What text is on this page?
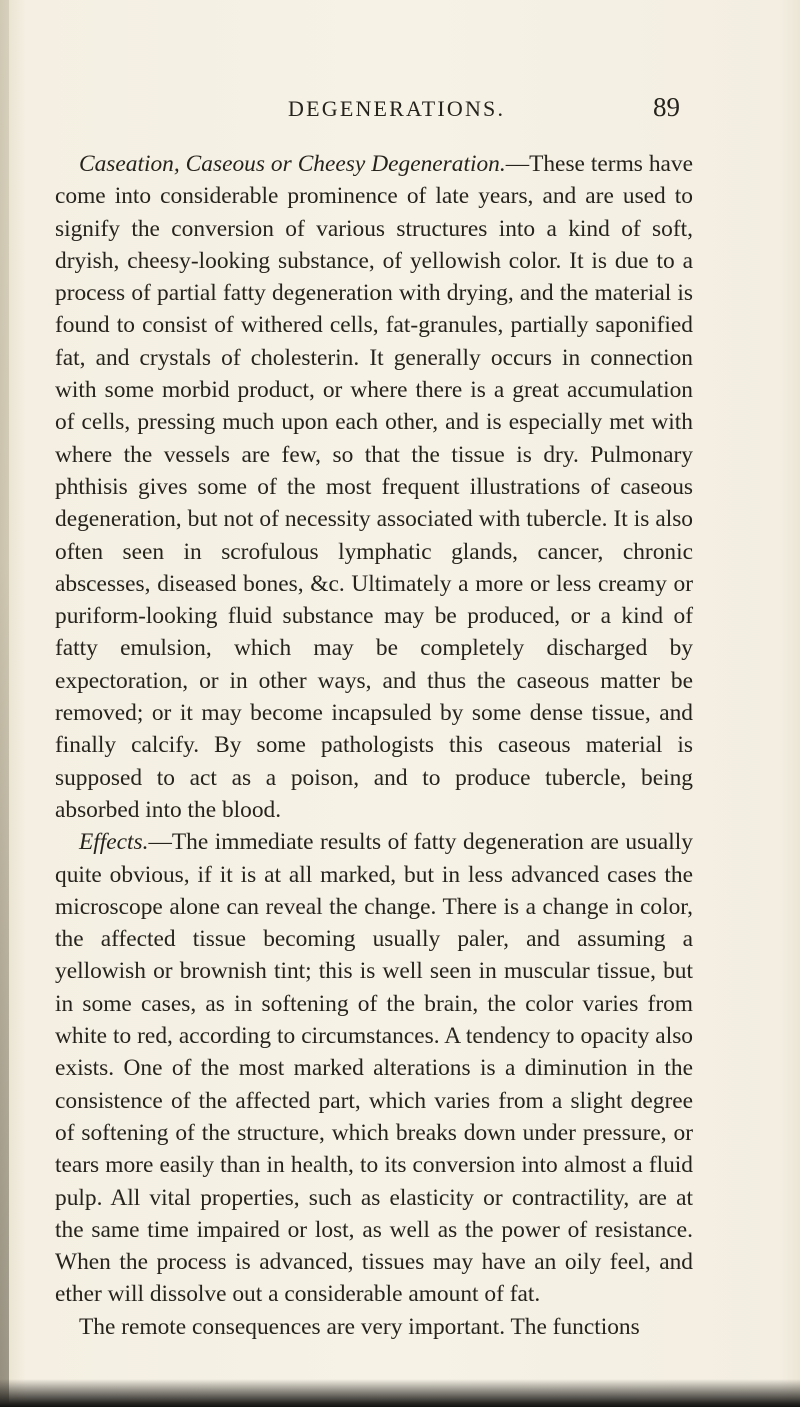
DEGENERATIONS.	89

Caseation, Caseous or Cheesy Degeneration.—These terms have come into considerable prominence of late years, and are used to signify the conversion of various structures into a kind of soft, dryish, cheesy-looking substance, of yellowish color. It is due to a process of partial fatty degeneration with drying, and the material is found to consist of withered cells, fat-granules, partially saponified fat, and crystals of cholesterin. It generally occurs in connection with some morbid product, or where there is a great accumulation of cells, pressing much upon each other, and is especially met with where the vessels are few, so that the tissue is dry. Pulmonary phthisis gives some of the most frequent illustrations of caseous degeneration, but not of necessity associated with tubercle. It is also often seen in scrofulous lymphatic glands, cancer, chronic abscesses, diseased bones, &c. Ultimately a more or less creamy or puriform-looking fluid substance may be produced, or a kind of fatty emulsion, which may be completely discharged by expectoration, or in other ways, and thus the caseous matter be removed; or it may become incapsuled by some dense tissue, and finally calcify. By some pathologists this caseous material is supposed to act as a poison, and to produce tubercle, being absorbed into the blood.

Effects.—The immediate results of fatty degeneration are usually quite obvious, if it is at all marked, but in less advanced cases the microscope alone can reveal the change. There is a change in color, the affected tissue becoming usually paler, and assuming a yellowish or brownish tint; this is well seen in muscular tissue, but in some cases, as in softening of the brain, the color varies from white to red, according to circumstances. A tendency to opacity also exists. One of the most marked alterations is a diminution in the consistence of the affected part, which varies from a slight degree of softening of the structure, which breaks down under pressure, or tears more easily than in health, to its conversion into almost a fluid pulp. All vital properties, such as elasticity or contractility, are at the same time impaired or lost, as well as the power of resistance. When the process is advanced, tissues may have an oily feel, and ether will dissolve out a considerable amount of fat.

The remote consequences are very important. The functions
